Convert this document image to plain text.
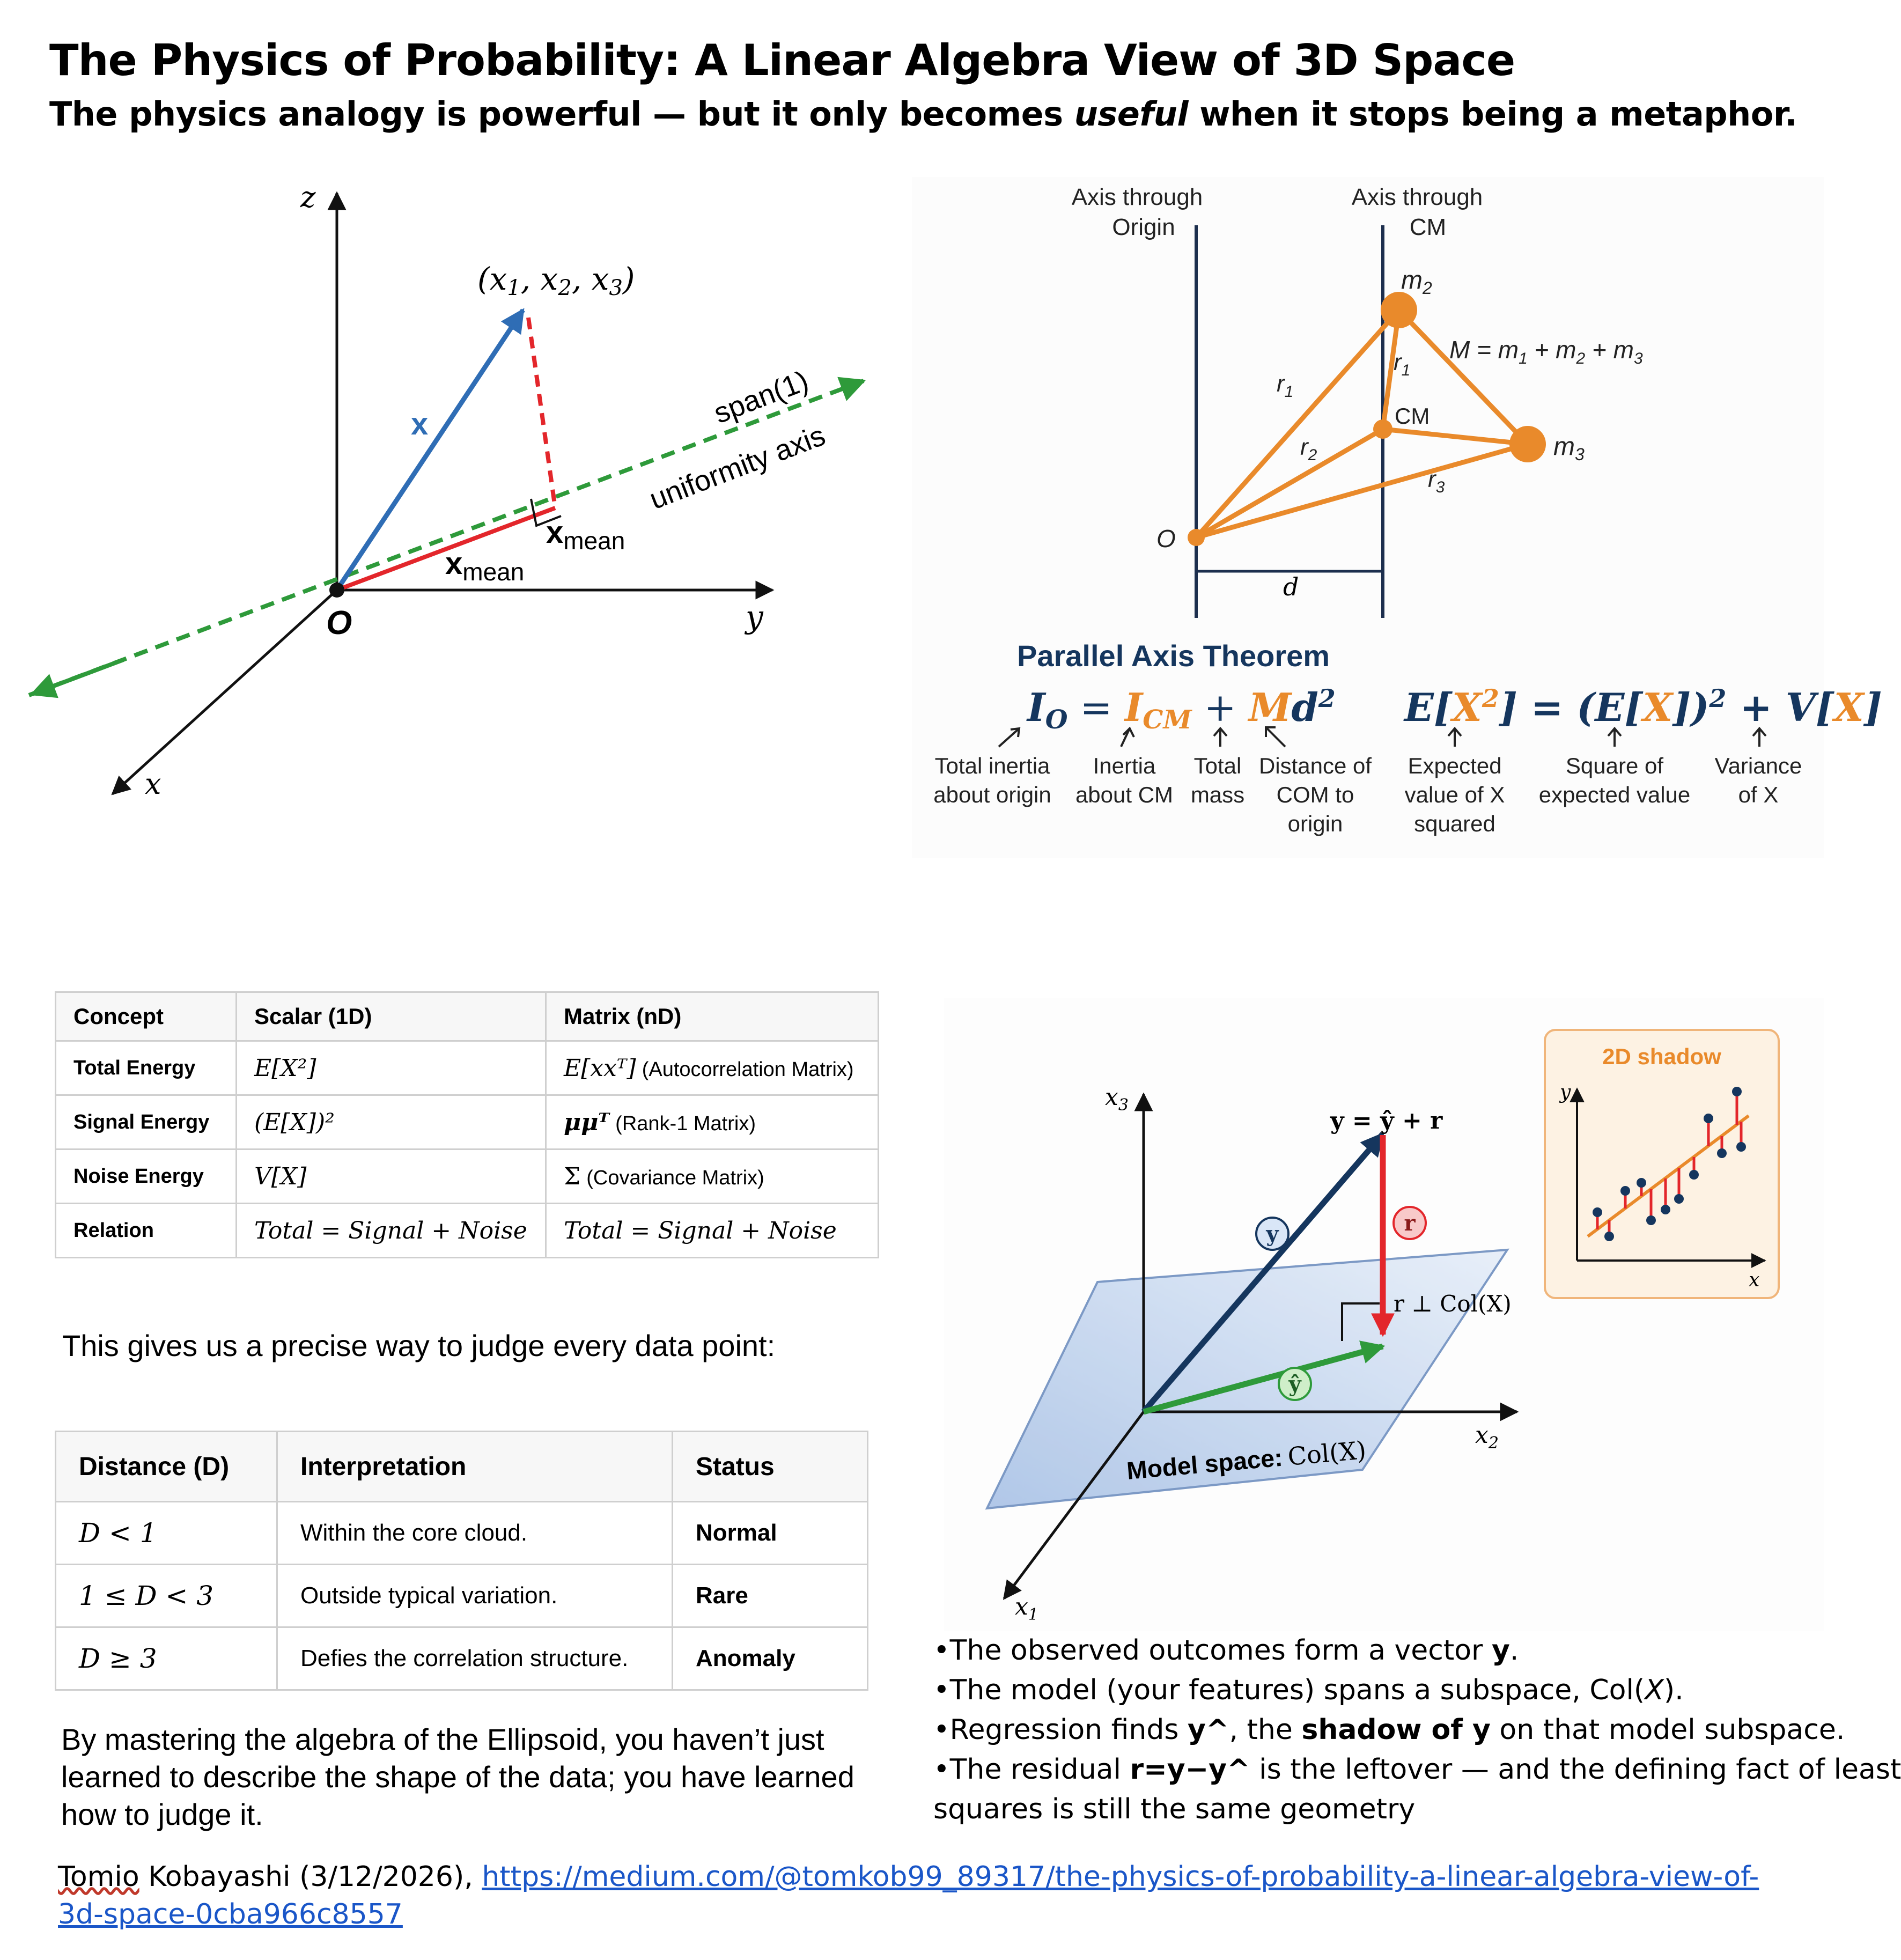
The Physics of Probability: A Linear Algebra View of 3D Space
The physics analogy is powerful — but it only becomes useful when it stops being a metaphor.
z
y
x
O
(x1, x2, x3)
x
$x_{mean}$
$x_{mean}$
span(1)
uniformity axis
Axis through
Origin
Axis through
CM
d
$m_2$
$m_3$
$r_1$
$r_1$
$r_2$
$r_3$
O
$M = m_1 + m_2 + m_3$
CM
Parallel Axis Theorem
IO = ICM + $Md^2$ $E[X^2] = (E[X])^2 + V[X]$
Total inertia
about origin
Inertia
about CM
Total
mass
Distance of
COM to
origin
Expected
value of X
squared
Square of
expected value
Variance
of X
Concept	Scalar (1D)	Matrix (nD)
Total Energy	E[X²]	E[xxᵀ] (Autocorrelation Matrix)
Signal Energy	(E[X])²	μμᵀ (Rank-1 Matrix)
Noise Energy	V[X]	Σ (Covariance Matrix)
Relation	Total = Signal + Noise	Total = Signal + Noise
This gives us a precise way to judge every data point:
Distance (D)	Interpretation	Status
D < 1	Within the core cloud.	Normal
1 ≤ D < 3	Outside typical variation.	Rare
D ≥ 3	Defies the correlation structure.	Anomaly
By mastering the algebra of the Ellipsoid, you haven’t just learned to describe the shape of the data; you have learned how to judge it.
y	r
ŷ
$x_3$
$x_2$
$x_1$
y = ŷ + r
r ⊥ Col(X)
Model space: Col(X)
2D shadow
y
x
•The observed outcomes form a vector y.
•The model (your features) spans a subspace, Col(X).
•Regression finds y^, the shadow of y on that model subspace.
•The residual r=y−y^ is the leftover — and the defining fact of least
squares is still the same geometry
Tomio Kobayashi (3/12/2026), https://medium.com/@tomkob99_89317/the-physics-of-probability-a-linear-algebra-view-of-
3d-space-0cba966c8557
